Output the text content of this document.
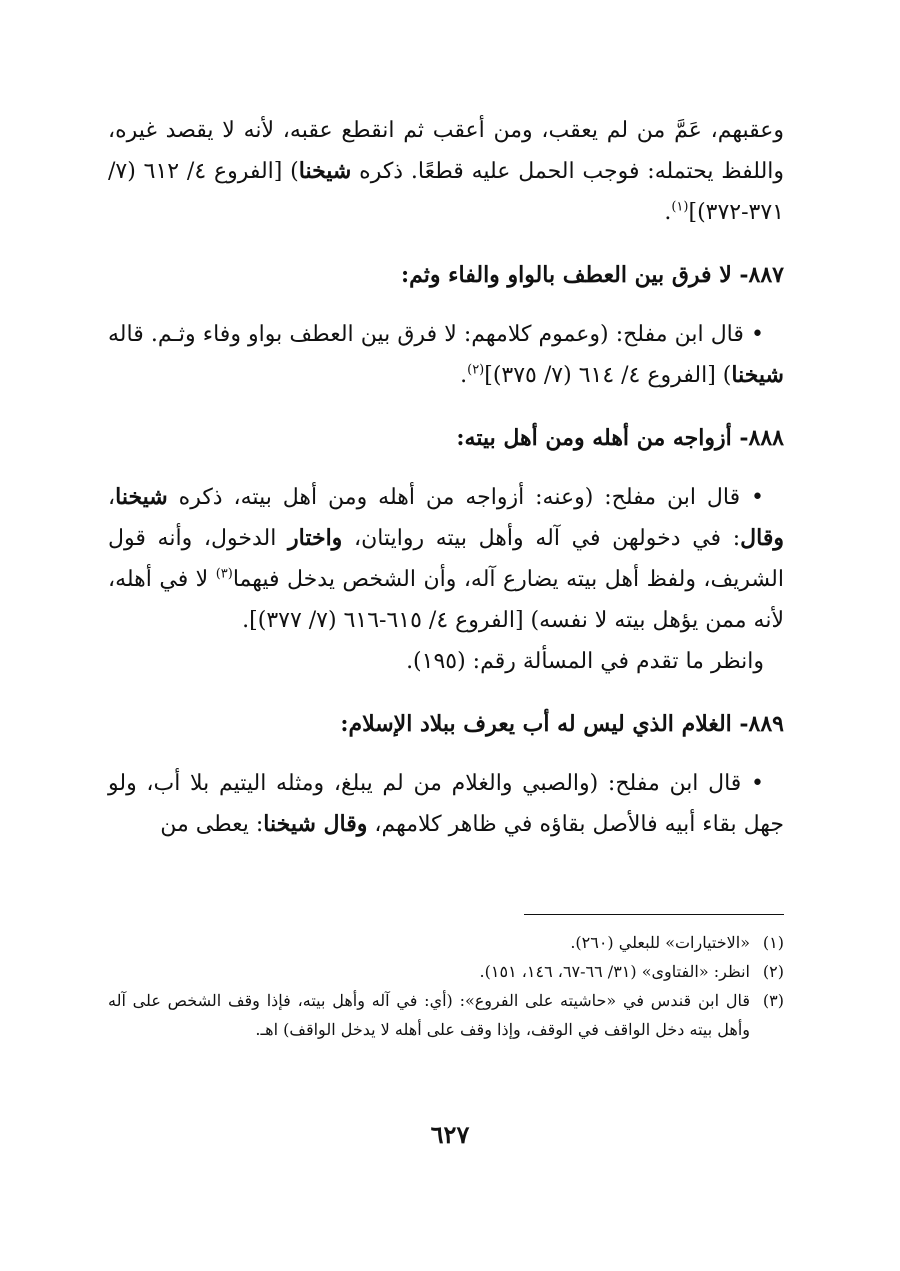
وعقبهم، عَمَّ من لم يعقب، ومن أعقب ثم انقطع عقبه، لأنه لا يقصد غيره، واللفظ يحتمله: فوجب الحمل عليه قطعًا. ذكره شيخنا) [الفروع ٤/ ٦١٢ (٧/ ٣٧١-٣٧٢)]$^{(١)}$.

٨٨٧- لا فرق بين العطف بالواو والفاء وثم:

• قال ابن مفلح: (وعموم كلامهم: لا فرق بين العطف بواو وفاء وثـم. قاله شيخنا) [الفروع ٤/ ٦١٤ (٧/ ٣٧٥)]$^{(٢)}$.

٨٨٨- أزواجه من أهله ومن أهل بيته:

• قال ابن مفلح: (وعنه: أزواجه من أهله ومن أهل بيته، ذكره شيخنا، وقال: في دخولهن في آله وأهل بيته روايتان، واختار الدخول، وأنه قول الشريف، ولفظ أهل بيته يضارع آله، وأن الشخص يدخل فيهما$^{(٣)}$ لا في أهله، لأنه ممن يؤهل بيته لا نفسه) [الفروع ٤/ ٦١٥-٦١٦ (٧/ ٣٧٧)].

وانظر ما تقدم في المسألة رقم: (١٩٥).

٨٨٩- الغلام الذي ليس له أب يعرف ببلاد الإسلام:

• قال ابن مفلح: (والصبي والغلام من لم يبلغ، ومثله اليتيم بلا أب، ولو جهل بقاء أبيه فالأصل بقاؤه في ظاهر كلامهم، وقال شيخنا: يعطى من

(١)
«الاختيارات» للبعلي (٢٦٠).
(٢)
انظر: «الفتاوى» (٣١/ ٦٦-٦٧، ١٤٦، ١٥١).
(٣)
قال ابن قندس في «حاشيته على الفروع»: (أي: في آله وأهل بيته، فإذا وقف الشخص على آله وأهل بيته دخل الواقف في الوقف، وإذا وقف على أهله لا يدخل الواقف) اهـ.
٦٢٧
